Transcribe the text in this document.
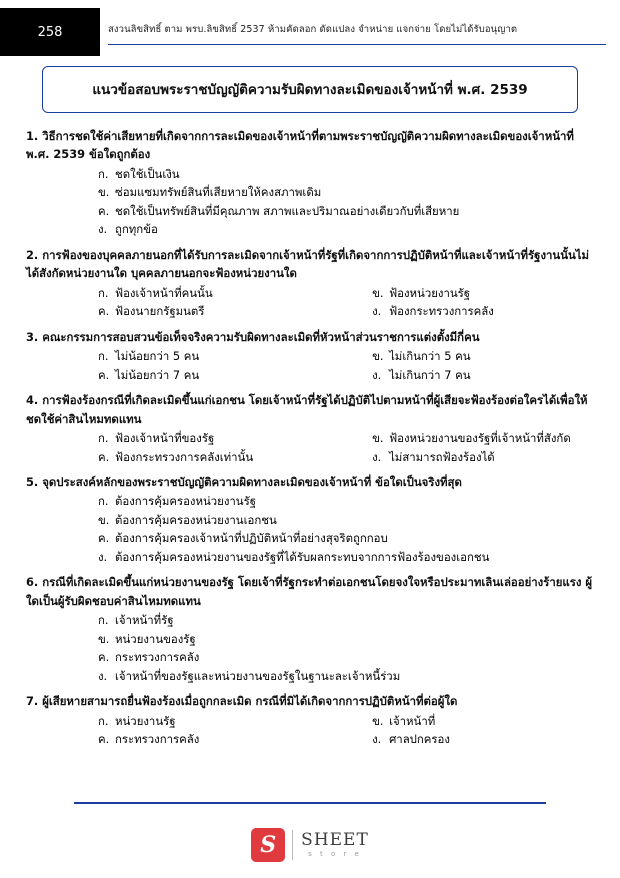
258	สงวนลิขสิทธิ์ ตาม พรบ.ลิขสิทธิ์ 2537 ห้ามคัดลอก ดัดแปลง จำหน่าย แจกจ่าย โดยไม่ได้รับอนุญาต
แนวข้อสอบพระราชบัญญัติความรับผิดทางละเมิดของเจ้าหน้าที่ พ.ศ. 2539
1. วิธีการชดใช้ค่าเสียหายที่เกิดจากการละเมิดของเจ้าหน้าที่ตามพระราชบัญญัติความผิดทางละเมิดของเจ้าหน้าที่ พ.ศ. 2539 ข้อใดถูกต้อง
ก. ชดใช้เป็นเงิน
ข. ซ่อมแซมทรัพย์สินที่เสียหายให้คงสภาพเดิม
ค. ชดใช้เป็นทรัพย์สินที่มีคุณภาพ สภาพและปริมาณอย่างเดียวกับที่เสียหาย
ง. ถูกทุกข้อ
2. การฟ้องของบุคคลภายนอกที่ได้รับการละเมิดจากเจ้าหน้าที่รัฐที่เกิดจากการปฏิบัติหน้าที่และเจ้าหน้าที่รัฐงานนั้นไม่ได้สังกัดหน่วยงานใด บุคคลภายนอกจะฟ้องหน่วยงานใด
ก. ฟ้องเจ้าหน้าที่คนนั้น	ข. ฟ้องหน่วยงานรัฐ
ค. ฟ้องนายกรัฐมนตรี	ง. ฟ้องกระทรวงการคลัง
3. คณะกรรมการสอบสวนข้อเท็จจริงความรับผิดทางละเมิดที่หัวหน้าส่วนราชการแต่งตั้งมีกี่คน
ก. ไม่น้อยกว่า 5 คน	ข. ไม่เกินกว่า 5 คน
ค. ไม่น้อยกว่า 7 คน	ง. ไม่เกินกว่า 7 คน
4. การฟ้องร้องกรณีที่เกิดละเมิดขึ้นแก่เอกชน โดยเจ้าหน้าที่รัฐได้ปฏิบัติไปตามหน้าที่ผู้เสียจะฟ้องร้องต่อใครได้เพื่อให้ชดใช้ค่าสินไหมทดแทน
ก. ฟ้องเจ้าหน้าที่ของรัฐ	ข. ฟ้องหน่วยงานของรัฐที่เจ้าหน้าที่สังกัด
ค. ฟ้องกระทรวงการคลังเท่านั้น	ง. ไม่สามารถฟ้องร้องได้
5. จุดประสงค์หลักของพระราชบัญญัติความผิดทางละเมิดของเจ้าหน้าที่ ข้อใดเป็นจริงที่สุด
ก. ต้องการคุ้มครองหน่วยงานรัฐ
ข. ต้องการคุ้มครองหน่วยงานเอกชน
ค. ต้องการคุ้มครองเจ้าหน้าที่ปฏิบัติหน้าที่อย่างสุจริตถูกกอบ
ง. ต้องการคุ้มครองหน่วยงานของรัฐที่ได้รับผลกระทบจากการฟ้องร้องของเอกชน
6. กรณีที่เกิดละเมิดขึ้นแก่หน่วยงานของรัฐ โดยเจ้าที่รัฐกระทำต่อเอกชนโดยจงใจหรือประมาทเลินเล่ออย่างร้ายแรง ผู้ใดเป็นผู้รับผิดชอบค่าสินไหมทดแทน
ก. เจ้าหน้าที่รัฐ
ข. หน่วยงานของรัฐ
ค. กระทรวงการคลัง
ง. เจ้าหน้าที่ของรัฐและหน่วยงานของรัฐในฐานะละเจ้าหนี้ร่วม
7. ผู้เสียหายสามารถยื่นฟ้องร้องเมื่อถูกกละเมิด กรณีที่มิได้เกิดจากการปฏิบัติหน้าที่ต่อผู้ใด
ก. หน่วยงานรัฐ	ข. เจ้าหน้าที่
ค. กระทรวงการคลัง	ง. ศาลปกครอง
S	SHEET
s t o r e
